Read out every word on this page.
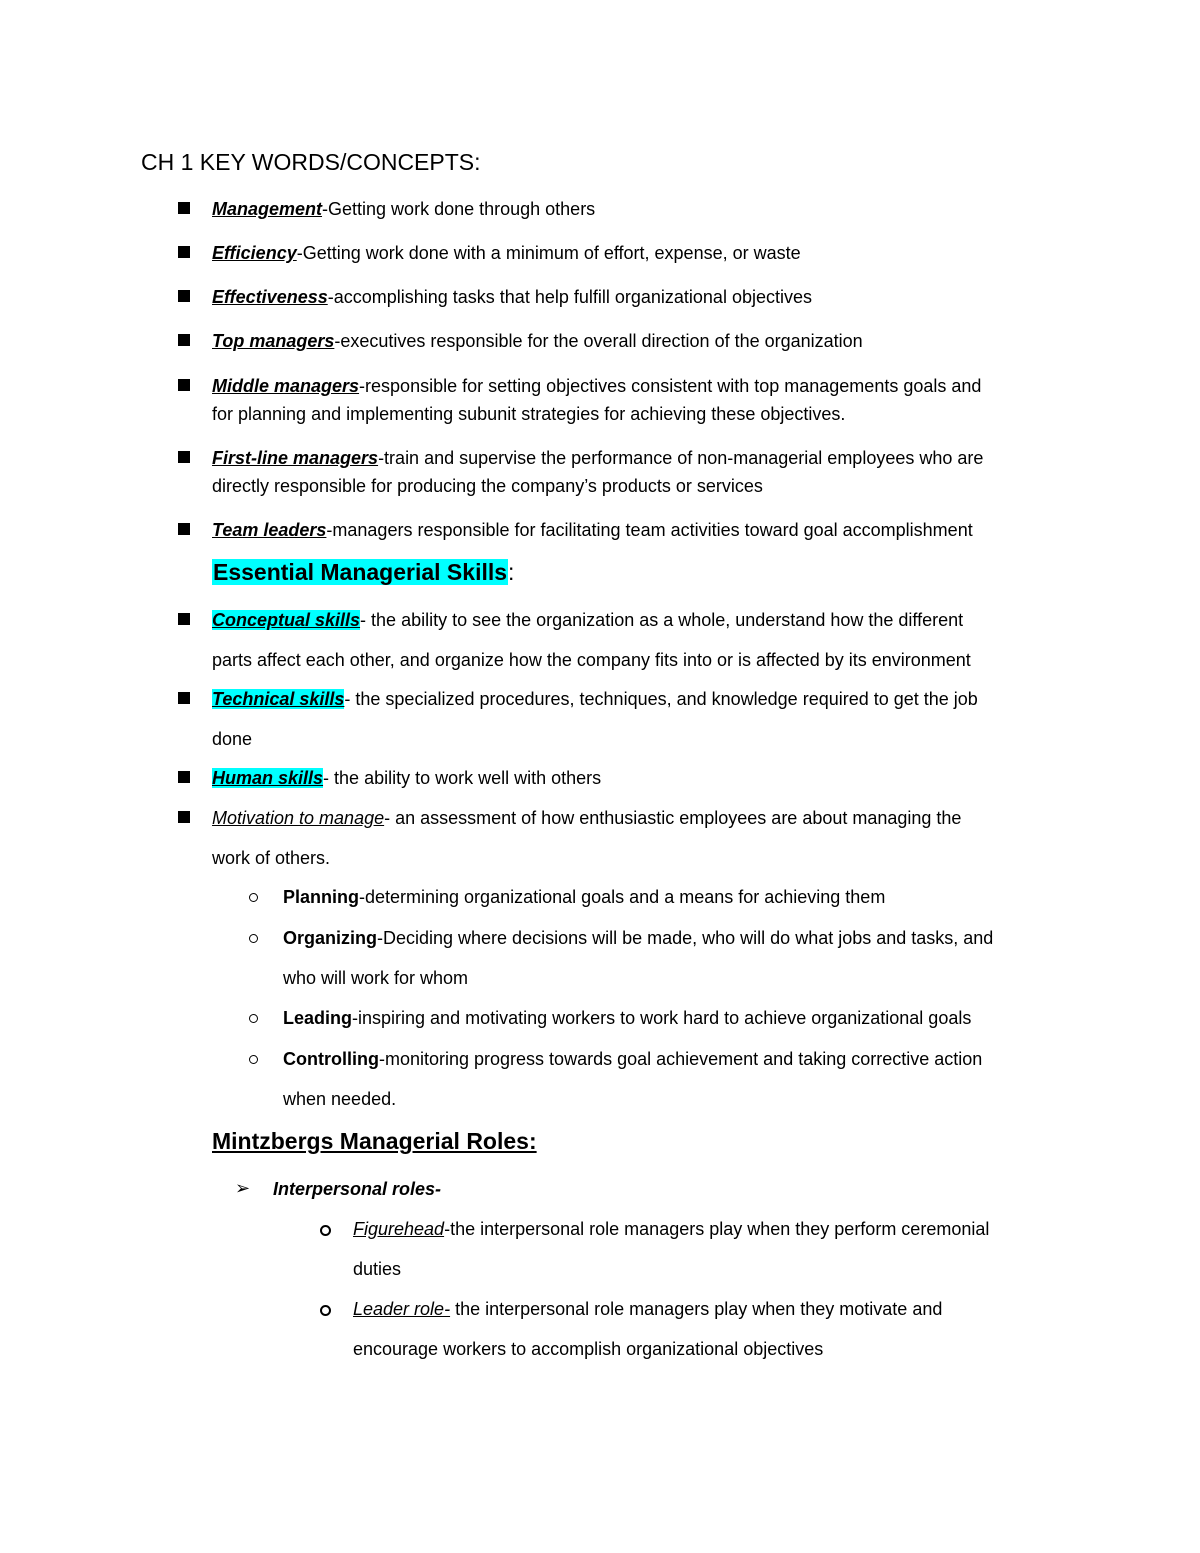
CH 1 KEY WORDS/CONCEPTS:
Management-Getting work done through others
Efficiency-Getting work done with a minimum of effort, expense, or waste
Effectiveness-accomplishing tasks that help fulfill organizational objectives
Top managers-executives responsible for the overall direction of the organization
Middle managers-responsible for setting objectives consistent with top managements goals and
for planning and implementing subunit strategies for achieving these objectives.
First-line managers-train and supervise the performance of non-managerial employees who are
directly responsible for producing the company’s products or services
Team leaders-managers responsible for facilitating team activities toward goal accomplishment
Essential Managerial Skills:
Conceptual skills- the ability to see the organization as a whole, understand how the different
parts affect each other, and organize how the company fits into or is affected by its environment
Technical skills- the specialized procedures, techniques, and knowledge required to get the job
done
Human skills- the ability to work well with others
Motivation to manage- an assessment of how enthusiastic employees are about managing the
work of others.
Planning-determining organizational goals and a means for achieving them
Organizing-Deciding where decisions will be made, who will do what jobs and tasks, and
who will work for whom
Leading-inspiring and motivating workers to work hard to achieve organizational goals
Controlling-monitoring progress towards goal achievement and taking corrective action
when needed.
Mintzbergs Managerial Roles:
➢ Interpersonal roles-
Figurehead-the interpersonal role managers play when they perform ceremonial
duties
Leader role- the interpersonal role managers play when they motivate and
encourage workers to accomplish organizational objectives
